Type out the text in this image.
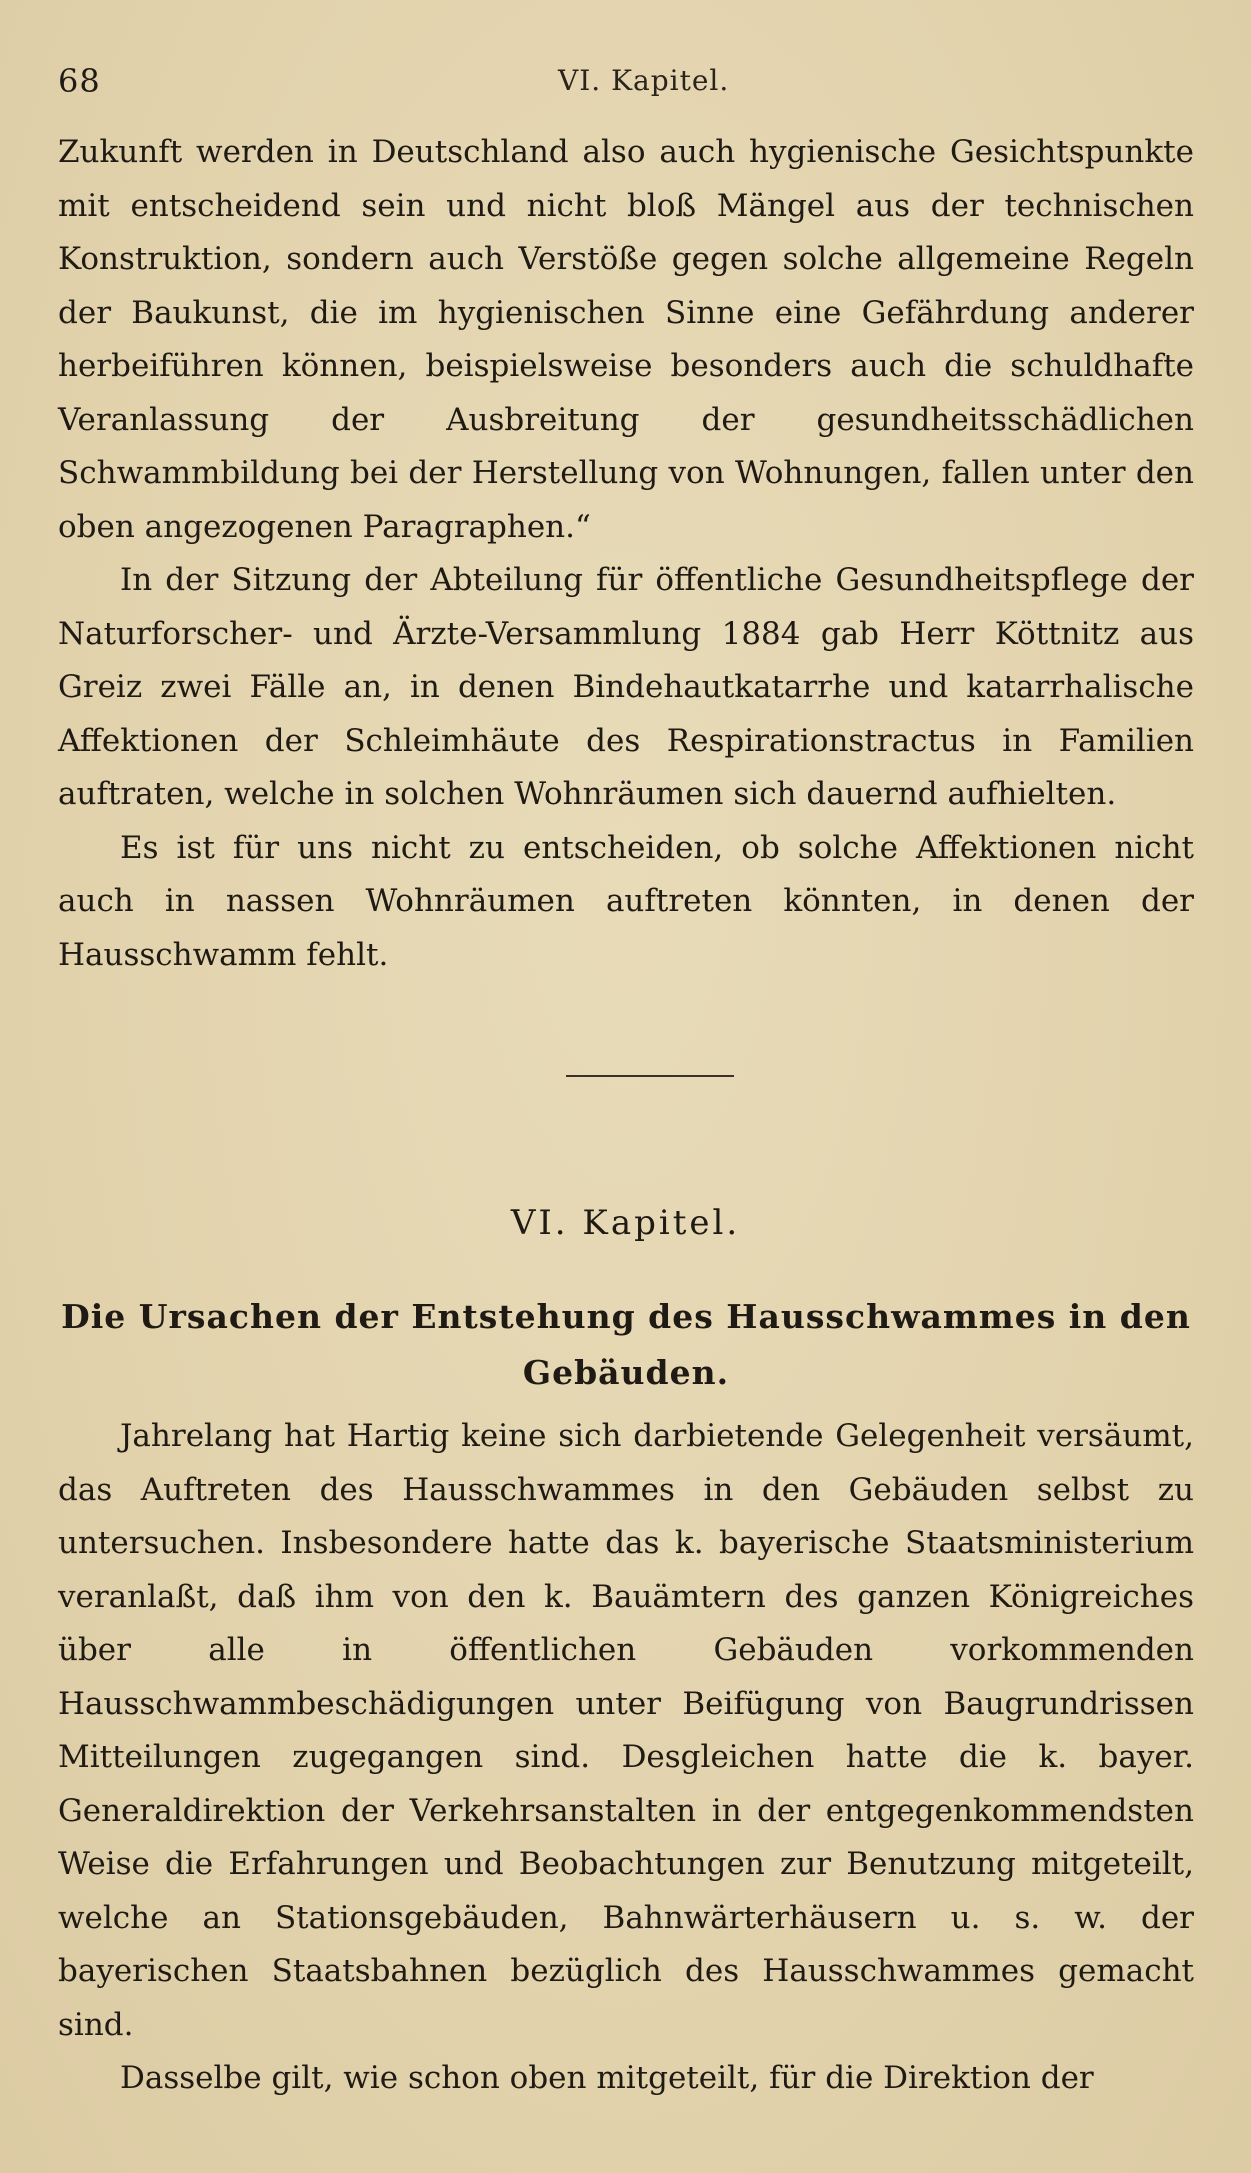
68	VI. Kapitel.

Zukunft werden in Deutschland also auch hygienische Gesichtspunkte mit entscheidend sein und nicht bloß Mängel aus der technischen Konstruktion, sondern auch Verstöße gegen solche allgemeine Regeln der Baukunst, die im hygienischen Sinne eine Gefährdung anderer herbeiführen können, beispielsweise besonders auch die schuldhafte Veranlassung der Ausbreitung der gesundheitsschädlichen Schwammbildung bei der Herstellung von Wohnungen, fallen unter den oben angezogenen Paragraphen.“

In der Sitzung der Abteilung für öffentliche Gesundheitspflege der Naturforscher- und Ärzte-Versammlung 1884 gab Herr Köttnitz aus Greiz zwei Fälle an, in denen Bindehautkatarrhe und katarrhalische Affektionen der Schleimhäute des Respirationstractus in Familien auftraten, welche in solchen Wohnräumen sich dauernd aufhielten.

Es ist für uns nicht zu entscheiden, ob solche Affektionen nicht auch in nassen Wohnräumen auftreten könnten, in denen der Hausschwamm fehlt.

VI. Kapitel.
Die Ursachen der Entstehung des Hausschwammes in den Gebäuden.

Jahrelang hat Hartig keine sich darbietende Gelegenheit versäumt, das Auftreten des Hausschwammes in den Gebäuden selbst zu untersuchen. Insbesondere hatte das k. bayerische Staatsministerium veranlaßt, daß ihm von den k. Bauämtern des ganzen Königreiches über alle in öffentlichen Gebäuden vorkommenden Hausschwammbeschädigungen unter Beifügung von Baugrundrissen Mitteilungen zugegangen sind. Desgleichen hatte die k. bayer. Generaldirektion der Verkehrsanstalten in der entgegenkommendsten Weise die Erfahrungen und Beobachtungen zur Benutzung mitgeteilt, welche an Stationsgebäuden, Bahnwärterhäusern u. s. w. der bayerischen Staatsbahnen bezüglich des Hausschwammes gemacht sind.

Dasselbe gilt, wie schon oben mitgeteilt, für die Direktion der
